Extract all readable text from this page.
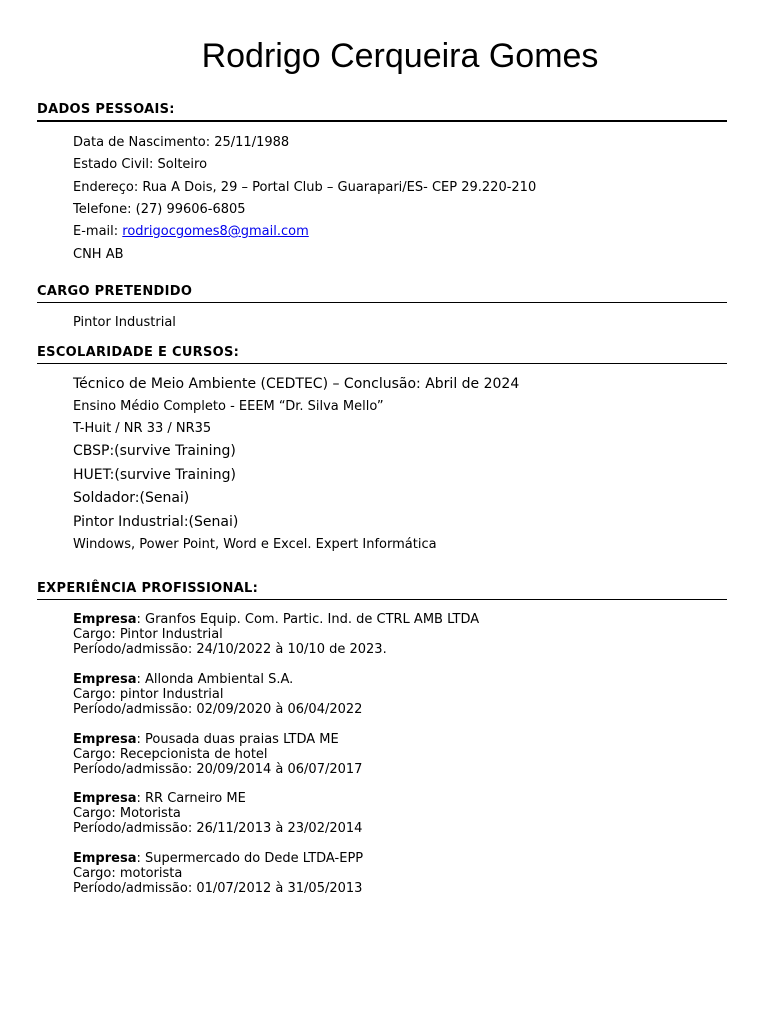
Rodrigo Cerqueira Gomes
DADOS PESSOAIS:
Data de Nascimento: 25/11/1988
Estado Civil: Solteiro
Endereço: Rua A Dois, 29 – Portal Club – Guarapari/ES- CEP 29.220-210
Telefone: (27) 99606-6805
E-mail: rodrigocgomes8@gmail.com
CNH AB
CARGO PRETENDIDO
Pintor Industrial
ESCOLARIDADE E CURSOS:
Técnico de Meio Ambiente (CEDTEC) – Conclusão: Abril de 2024
Ensino Médio Completo - EEEM “Dr. Silva Mello”
T-Huit / NR 33 / NR35
CBSP:(survive Training)
HUET:(survive Training)
Soldador:(Senai)
Pintor Industrial:(Senai)
Windows, Power Point, Word e Excel. Expert Informática
EXPERIÊNCIA PROFISSIONAL:
Empresa: Granfos Equip. Com. Partic. Ind. de CTRL AMB LTDA
Cargo: Pintor Industrial
Período/admissão: 24/10/2022 à 10/10 de 2023.
Empresa: Allonda Ambiental S.A.
Cargo: pintor Industrial
Período/admissão: 02/09/2020 à 06/04/2022
Empresa: Pousada duas praias LTDA ME
Cargo: Recepcionista de hotel
Período/admissão: 20/09/2014 à 06/07/2017
Empresa: RR Carneiro ME
Cargo: Motorista
Período/admissão: 26/11/2013 à 23/02/2014
Empresa: Supermercado do Dede LTDA-EPP
Cargo: motorista
Período/admissão: 01/07/2012 à 31/05/2013
